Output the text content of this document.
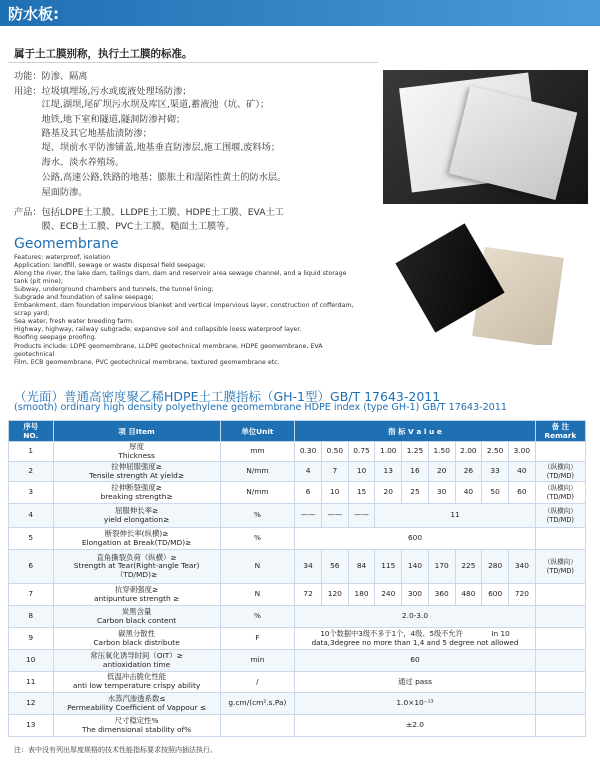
防水板:
属于土工膜别称，执行土工膜的标准。
功能：防渗、隔离
用途：垃圾填埋场,污水或废液处理场防渗；
　　　江堤,湖坝,尾矿坝污水坝及库区,渠道,蓄液池（坑、矿）；
　　　地铁,地下室和隧道,隧洞防渗衬砌；
　　　路基及其它地基盐渍防渗；
　　　堤、坝前水平防渗铺盖,地基垂直防渗层,施工围堰,废料场；
　　　海水、淡水养殖场。
　　　公路,高速公路,铁路的地基；膨胀土和湿陷性黄土的防水层。
　　　屋面防渗。
产品：包括LDPE土工膜、LLDPE土工膜、HDPE土工膜、EVA土工
　　　膜、ECB土工膜、PVC土工膜、糙面土工膜等。
Geomembrane
Features: waterproof, isolation
Application: landfill, sewage or waste disposal field seepage;
Along the river, the lake dam, tailings dam, dam and reservoir area sewage channel, and a liquid storage tank (pit mine);
Subway, underground chambers and tunnels, the tunnel lining;
Subgrade and foundation of saline seepage;
Embankment, dam foundation impervious blanket and vertical impervious layer, construction of cofferdam, scrap yard;
Sea water, fresh water breeding farm.
Highway, highway, railway subgrade; expansive soil and collapsible loess waterproof layer.
Roofing seepage proofing.
Products include: LDPE geomembrane, LLDPE geotechnical membrane, HDPE geomembrane, EVA geotechnical
Film, ECB geomembrane, PVC geotechnical membrane, textured geomembrane etc.
（光面）普通高密度聚乙稀HDPE土工膜指标（GH-1型）GB/T 17643-2011
(smooth) ordinary high density polyethylene geomembrane HDPE index (type GH-1) GB/T 17643-2011
序号
NO.	项 目Item	单位Unit	指 标 V a l u e									备 注
Remark
1	厚度
Thickness	mm	0.30	0.50	0.75	1.00	1.25	1.50	2.00	2.50	3.00	
2	拉伸屈服强度≥
Tensile strength At yield≥	N/mm	4	7	10	13	16	20	26	33	40	（纵横向）(TD/MD)
3	拉伸断裂强度≥
breaking strength≥	N/mm	6	10	15	20	25	30	40	50	60	（纵横向）(TD/MD)
4	屈服伸长率≥
yield elongation≥	%	——	——	——	11						（纵横向）(TD/MD)
5	断裂伸长率(纵横)≥
Elongation at Break(TD/MD)≥	%	600									
6	直角撕裂负荷（纵横）≥
Strength at Tear(Right-angle Tear)（TD/MD)≥	N	34	56	84	115	140	170	225	280	340	（纵横向）(TD/MD)
7	抗穿刺强度≥
antipunture strength ≥	N	72	120	180	240	300	360	480	600	720	
8	炭黑含量
Carbon black content	%	2.0-3.0									
9	碳黑分散性
Carbon black distribute	F	10个数据中3级不多于1个，4级、5级不允许　　　　In 10 data,3degree no more than 1,4 and 5 degree not allowed									
10	常压氧化诱导时间（OIT）≥
antioxidation time	min	60									
11	低温冲击脆化性能
anti low temperature crispy ability	/	通过 pass									
12	水蒸汽渗透系数≤
Permeability Coefficient of Vappour ≤	g.cm/(cm².s.Pa)	1.0×10⁻¹³									
13	尺寸稳定性%
The dimensional stability of%		±2.0									
注：表中没有列出厚度规格的技术性能指标要求按照内插法执行。
